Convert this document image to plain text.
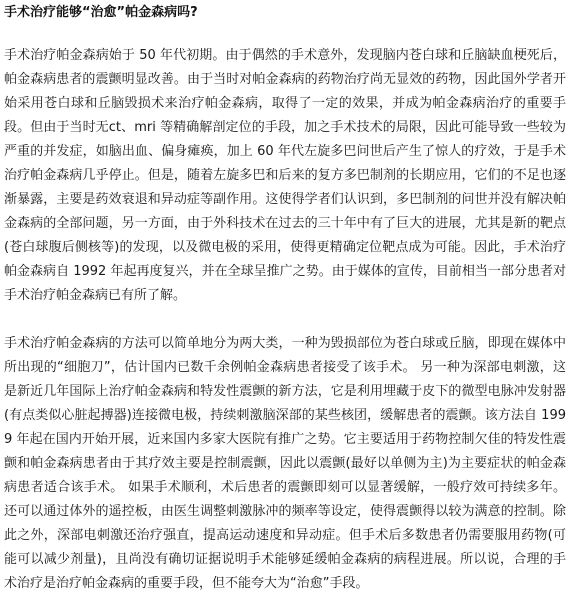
手术治疗能够“治愈”帕金森病吗?

手术治疗帕金森病始于 50 年代初期。由于偶然的手术意外，发现脑内苍白球和丘脑缺血梗死后，帕金森病患者的震颤明显改善。由于当时对帕金森病的药物治疗尚无显效的药物，因此国外学者开始采用苍白球和丘脑毁损术来治疗帕金森病，取得了一定的效果，并成为帕金森病治疗的重要手段。但由于当时无ct、mri 等精确解剖定位的手段，加之手术技术的局限，因此可能导致一些较为严重的并发症，如脑出血、偏身瘫痪，加上 60 年代左旋多巴问世后产生了惊人的疗效，于是手术治疗帕金森病几乎停止。但是，随着左旋多巴和后来的复方多巴制剂的长期应用，它们的不足也逐渐暴露，主要是药效衰退和异动症等副作用。这使得学者们认识到，多巴制剂的问世并没有解决帕金森病的全部问题，另一方面，由于外科技术在过去的三十年中有了巨大的进展，尤其是新的靶点(苍白球腹后侧核等)的发现，以及微电极的采用，使得更精确定位靶点成为可能。因此，手术治疗帕金森病自 1992 年起再度复兴，并在全球呈推广之势。由于媒体的宣传，目前相当一部分患者对手术治疗帕金森病已有所了解。

手术治疗帕金森病的方法可以简单地分为两大类，一种为毁损部位为苍白球或丘脑，即现在媒体中所出现的“细胞刀”，估计国内已数千余例帕金森病患者接受了该手术。 另一种为深部电刺激，这是新近几年国际上治疗帕金森病和特发性震颤的新方法，它是利用埋藏于皮下的微型电脉冲发射器(有点类似心脏起搏器)连接微电极，持续刺激脑深部的某些核团，缓解患者的震颤。该方法自 1999 年起在国内开始开展，近来国内多家大医院有推广之势。它主要适用于药物控制欠佳的特发性震颤和帕金森病患者由于其疗效主要是控制震颤，因此以震颤(最好以单侧为主)为主要症状的帕金森病患者适合该手术。 如果手术顺利，术后患者的震颤即刻可以显著缓解，一般疗效可持续多年。还可以通过体外的遥控板，由医生调整刺激脉冲的频率等设定，使得震颤得以较为满意的控制。除此之外，深部电刺激还治疗强直，提高运动速度和异动症。但手术后多数患者仍需要服用药物(可能可以减少剂量)，且尚没有确切证据说明手术能够延缓帕金森病的病程进展。所以说，合理的手术治疗是治疗帕金森病的重要手段，但不能夸大为“治愈”手段。
